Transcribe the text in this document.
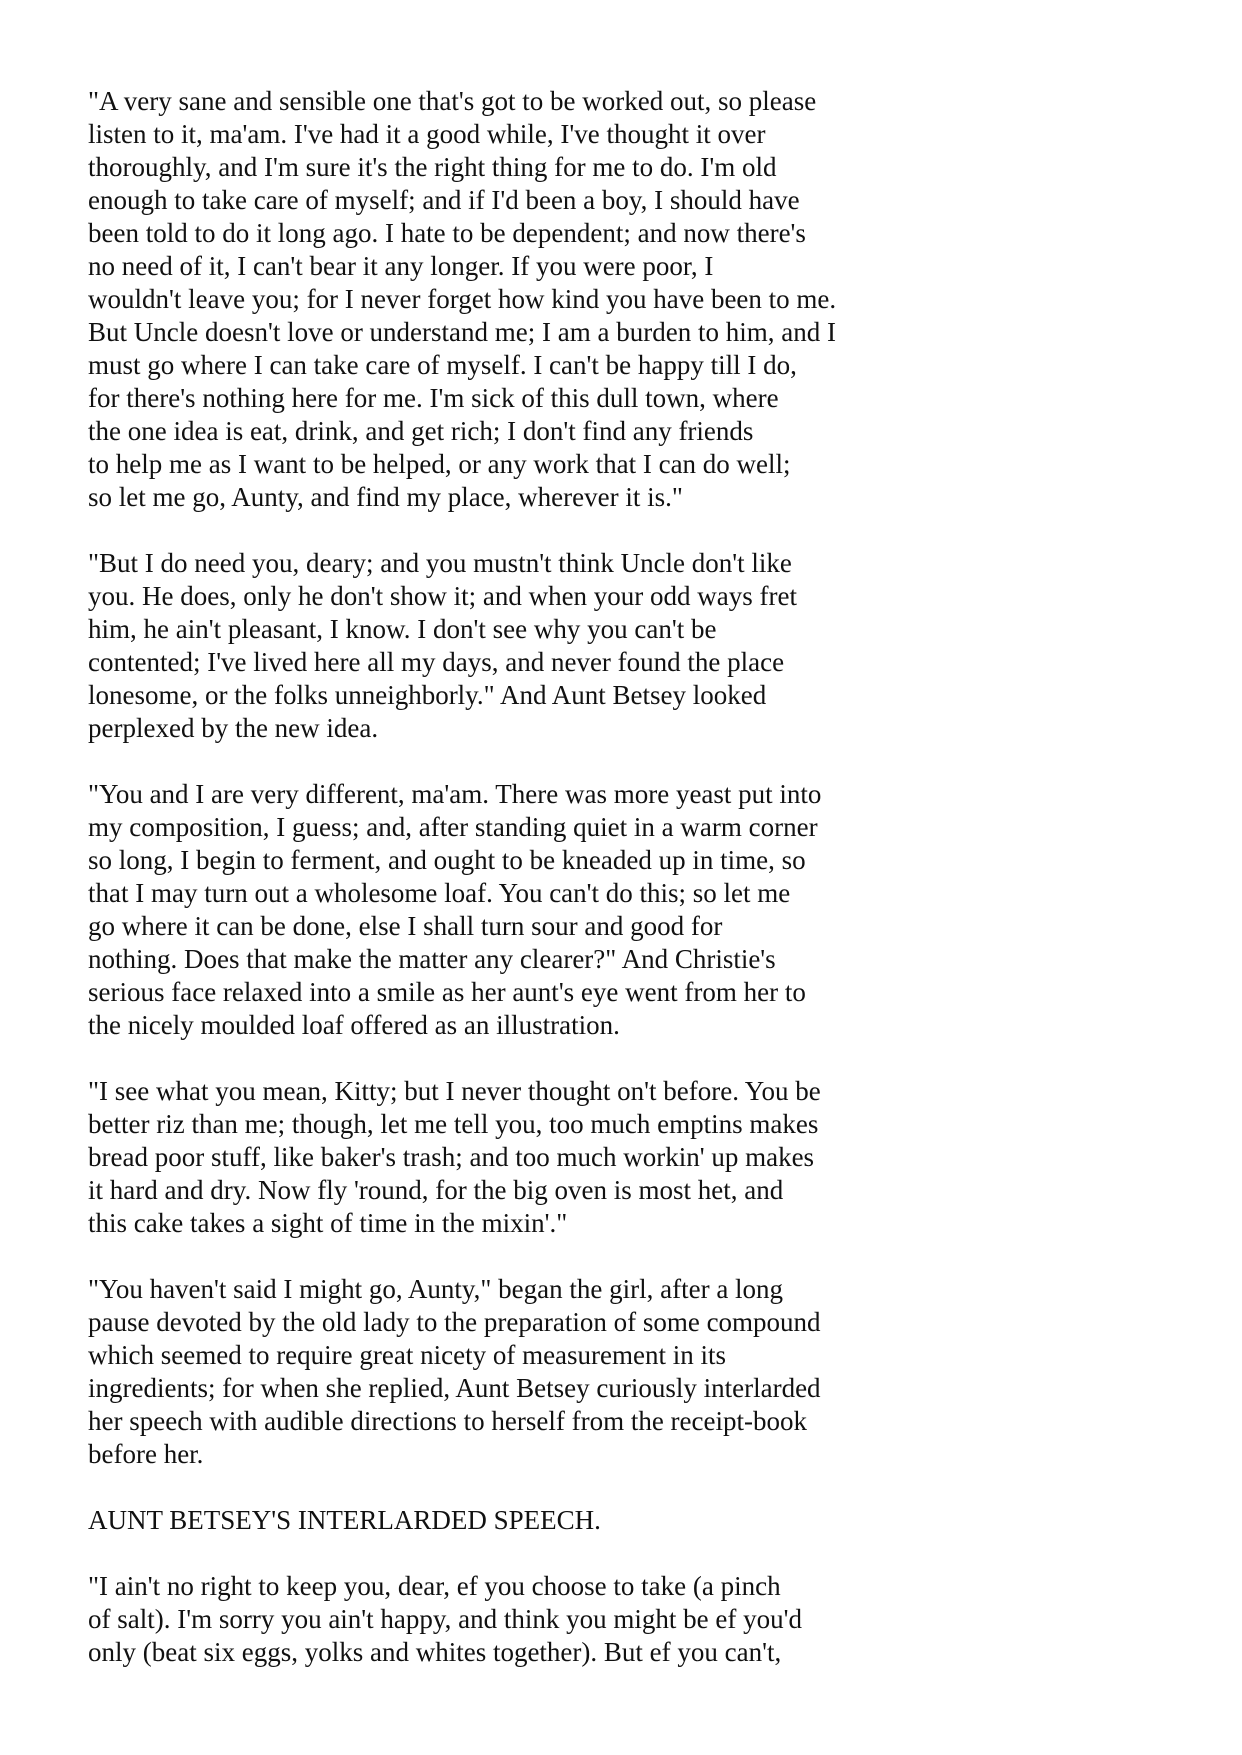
"A very sane and sensible one that's got to be worked out, so please
listen to it, ma'am. I've had it a good while, I've thought it over
thoroughly, and I'm sure it's the right thing for me to do. I'm old
enough to take care of myself; and if I'd been a boy, I should have
been told to do it long ago. I hate to be dependent; and now there's
no need of it, I can't bear it any longer. If you were poor, I
wouldn't leave you; for I never forget how kind you have been to me.
But Uncle doesn't love or understand me; I am a burden to him, and I
must go where I can take care of myself. I can't be happy till I do,
for there's nothing here for me. I'm sick of this dull town, where
the one idea is eat, drink, and get rich; I don't find any friends
to help me as I want to be helped, or any work that I can do well;
so let me go, Aunty, and find my place, wherever it is."

"But I do need you, deary; and you mustn't think Uncle don't like
you. He does, only he don't show it; and when your odd ways fret
him, he ain't pleasant, I know. I don't see why you can't be
contented; I've lived here all my days, and never found the place
lonesome, or the folks unneighborly." And Aunt Betsey looked
perplexed by the new idea.

"You and I are very different, ma'am. There was more yeast put into
my composition, I guess; and, after standing quiet in a warm corner
so long, I begin to ferment, and ought to be kneaded up in time, so
that I may turn out a wholesome loaf. You can't do this; so let me
go where it can be done, else I shall turn sour and good for
nothing. Does that make the matter any clearer?" And Christie's
serious face relaxed into a smile as her aunt's eye went from her to
the nicely moulded loaf offered as an illustration.

"I see what you mean, Kitty; but I never thought on't before. You be
better riz than me; though, let me tell you, too much emptins makes
bread poor stuff, like baker's trash; and too much workin' up makes
it hard and dry. Now fly 'round, for the big oven is most het, and
this cake takes a sight of time in the mixin'."

"You haven't said I might go, Aunty," began the girl, after a long
pause devoted by the old lady to the preparation of some compound
which seemed to require great nicety of measurement in its
ingredients; for when she replied, Aunt Betsey curiously interlarded
her speech with audible directions to herself from the receipt-book
before her.

AUNT BETSEY'S INTERLARDED SPEECH.

"I ain't no right to keep you, dear, ef you choose to take (a pinch
of salt). I'm sorry you ain't happy, and think you might be ef you'd
only (beat six eggs, yolks and whites together). But ef you can't,
